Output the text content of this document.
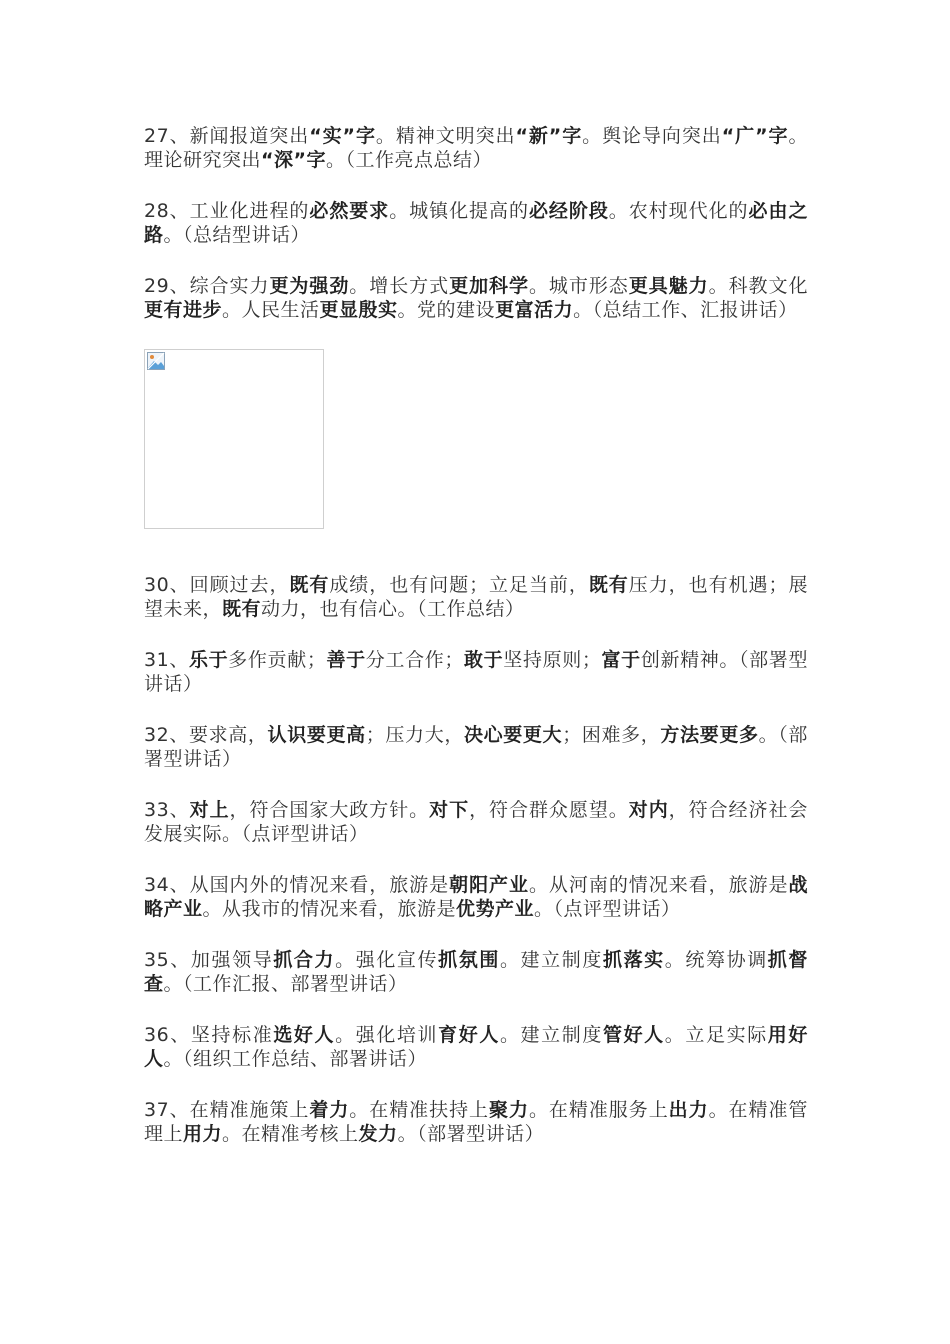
27、新闻报道突出“实”字。精神文明突出“新”字。舆论导向突出“广”字。理论研究突出“深”字。（工作亮点总结）

28、工业化进程的必然要求。城镇化提高的必经阶段。农村现代化的必由之路。（总结型讲话）

29、综合实力更为强劲。增长方式更加科学。城市形态更具魅力。科教文化更有进步。人民生活更显殷实。党的建设更富活力。（总结工作、汇报讲话）

30、回顾过去，既有成绩，也有问题；立足当前，既有压力，也有机遇；展望未来，既有动力，也有信心。（工作总结）

31、乐于多作贡献；善于分工合作；敢于坚持原则；富于创新精神。（部署型讲话）

32、要求高，认识要更高；压力大，决心要更大；困难多，方法要更多。（部署型讲话）

33、对上，符合国家大政方针。对下，符合群众愿望。对内，符合经济社会发展实际。（点评型讲话）

34、从国内外的情况来看，旅游是朝阳产业。从河南的情况来看，旅游是战略产业。从我市的情况来看，旅游是优势产业。（点评型讲话）

35、加强领导抓合力。强化宣传抓氛围。建立制度抓落实。统筹协调抓督查。（工作汇报、部署型讲话）

36、坚持标准选好人。强化培训育好人。建立制度管好人。立足实际用好人。（组织工作总结、部署讲话）

37、在精准施策上着力。在精准扶持上聚力。在精准服务上出力。在精准管理上用力。在精准考核上发力。（部署型讲话）
